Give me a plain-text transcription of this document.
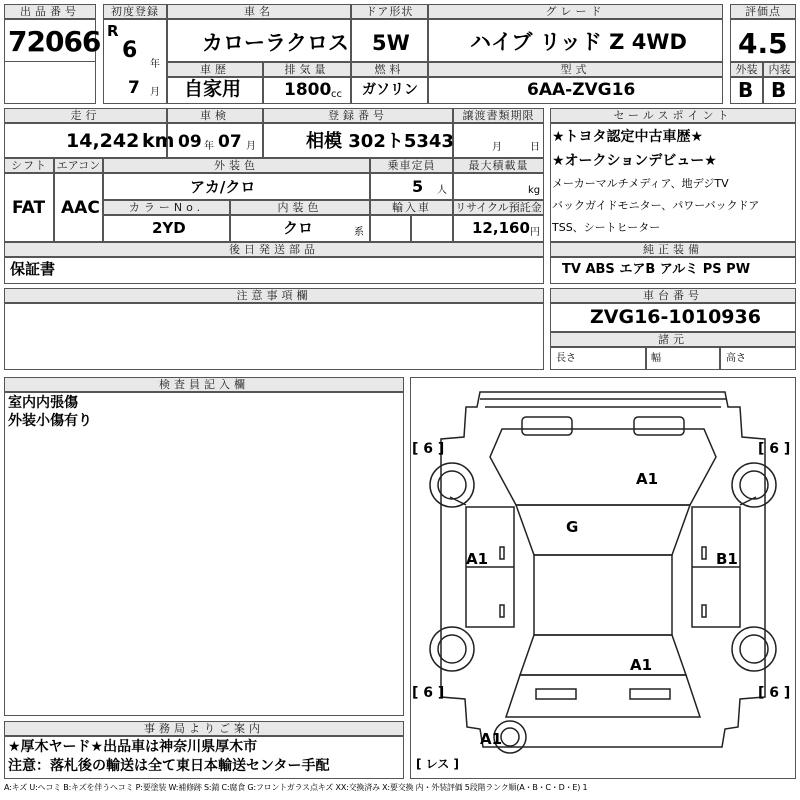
出品番号
72066
初度登録
R
6
年
7 月
車名
カローラクロス
ドア形状
5W
グレード
ハイブ リッド Z 4WD
評価点
4.5
車歴
自家用
排気量
1800 cc
燃料
ガソリン
型式
6AA-ZVG16
外装	内装
B B
走行
14,242 km
車検
09 年 07 月
登録番号
相模 302ト5343
譲渡書類期限
月	日
シフト
FAT
エアコン
AAC
外装色
アカ/クロ
乗車定員
5 人
最大積載量
kg
カラーNo.
2YD
内装色
クロ	系
輸入車	リサイクル預託金
12,160 円
後日発送部品
保証書
セールスポイント
★トヨタ認定中古車歴★
★オークションデビュー★
メーカーマルチメディア、地デジTV
バックガイドモニター、パワーバックドア
TSS、シートヒーター
純正装備
TV ABS エアB アルミ PS PW
注意事項欄	車台番号
ZVG16-1010936
諸元
長さ	幅	高さ
検査員記入欄
室内内張傷
外装小傷有り
事務局よりご案内
★厚木ヤード★出品車は神奈川県厚木市
注意：落札後の輸送は全て東日本輸送センター手配
[ 6 ]	[ 6 ]
[ 6 ]	[ 6 ]
[ レス ]
A1
G
A1	B1
A1
A1
A:キズ U:ヘコミ B:キズを伴うヘコミ P:要塗装 W:補修跡 S:錆 C:腐食 G:フロントガラス点キズ XX:交換済み X:要交換 内・外装評価 5段階ランク順(A・B・C・D・E) 1
